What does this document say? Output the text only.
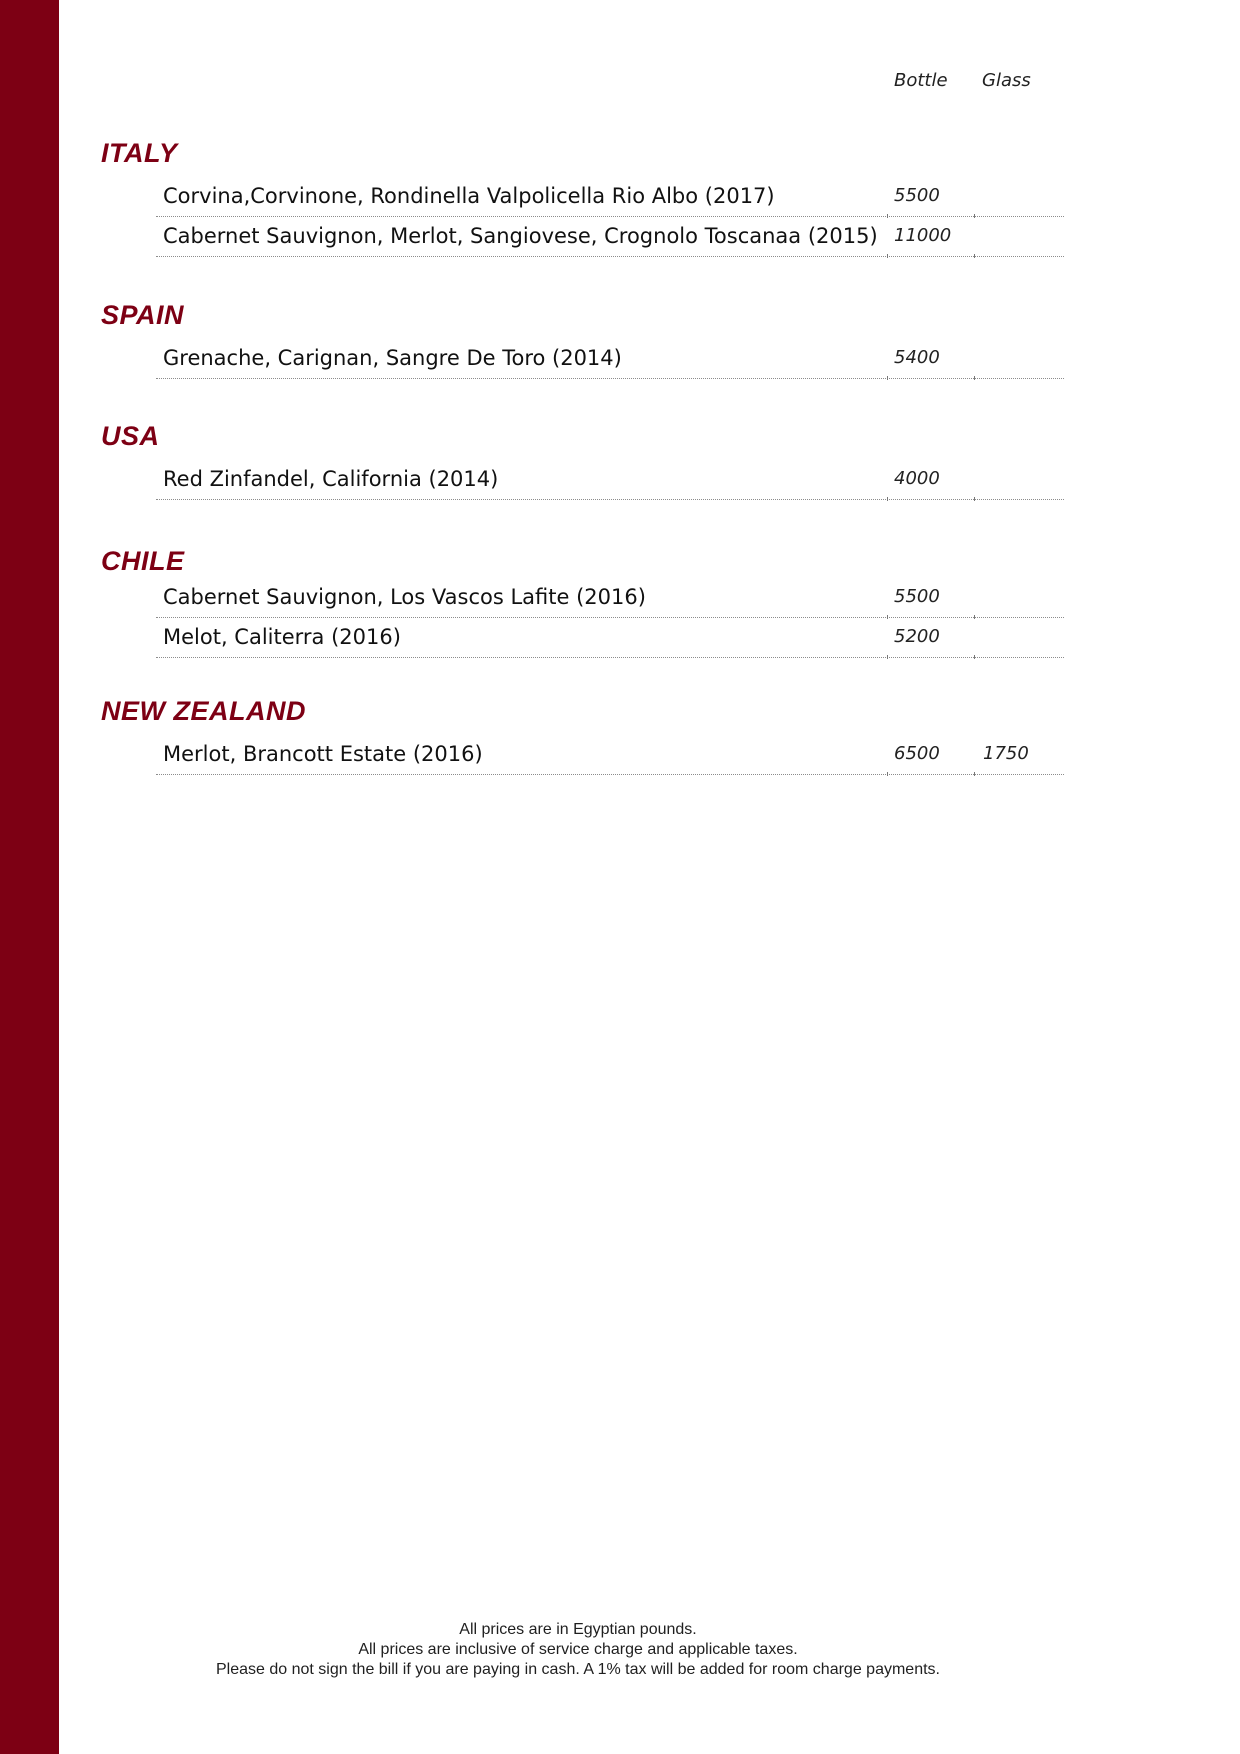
Bottle Glass
ITALY
Corvina,Corvinone, Rondinella Valpolicella Rio Albo (2017)	5500
Cabernet Sauvignon, Merlot, Sangiovese, Crognolo Toscanaa (2015) 11000
SPAIN
Grenache, Carignan, Sangre De Toro (2014)	5400
USA
Red Zinfandel, California (2014)	4000
CHILE
Cabernet Sauvignon, Los Vascos Lafite (2016)	5500
Melot, Caliterra (2016)	5200
NEW ZEALAND
Merlot, Brancott Estate (2016)	6500 1750
All prices are in Egyptian pounds.
All prices are inclusive of service charge and applicable taxes.
Please do not sign the bill if you are paying in cash. A 1% tax will be added for room charge payments.
